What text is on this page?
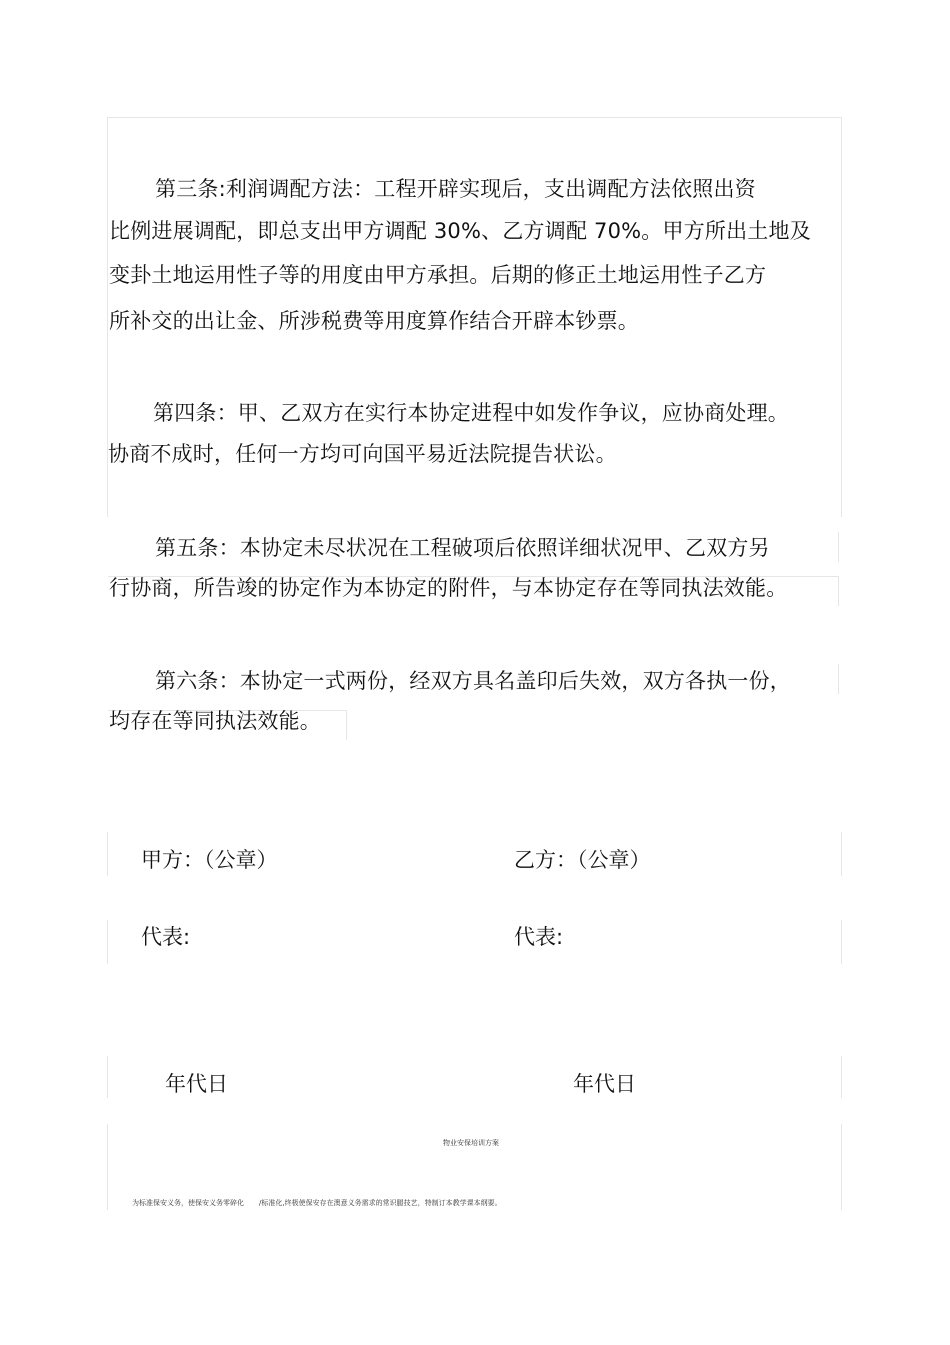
第三条:利润调配方法：工程开辟实现后，支出调配方法依照出资
比例进展调配，即总支出甲方调配 30%、乙方调配 70%。甲方所出土地及
变卦土地运用性子等的用度由甲方承担。后期的修正土地运用性子乙方
所补交的出让金、所涉税费等用度算作结合开辟本钞票。
第四条：甲、乙双方在实行本协定进程中如发作争议，应协商处理。
协商不成时，任何一方均可向国平易近法院提告状讼。
第五条：本协定未尽状况在工程破项后依照详细状况甲、乙双方另
行协商，所告竣的协定作为本协定的附件，与本协定存在等同执法效能。
第六条：本协定一式两份，经双方具名盖印后失效，双方各执一份，
均存在等同执法效能。
甲方：（公章）	乙方：（公章）
代表:	代表:
年代日	年代日
物业安保培训方案
为标准保安义务，使保安义务零碎化 /标准化,终极使保安存在澳意义务需求的常识腿技艺，特制订本教学课本纲要。
